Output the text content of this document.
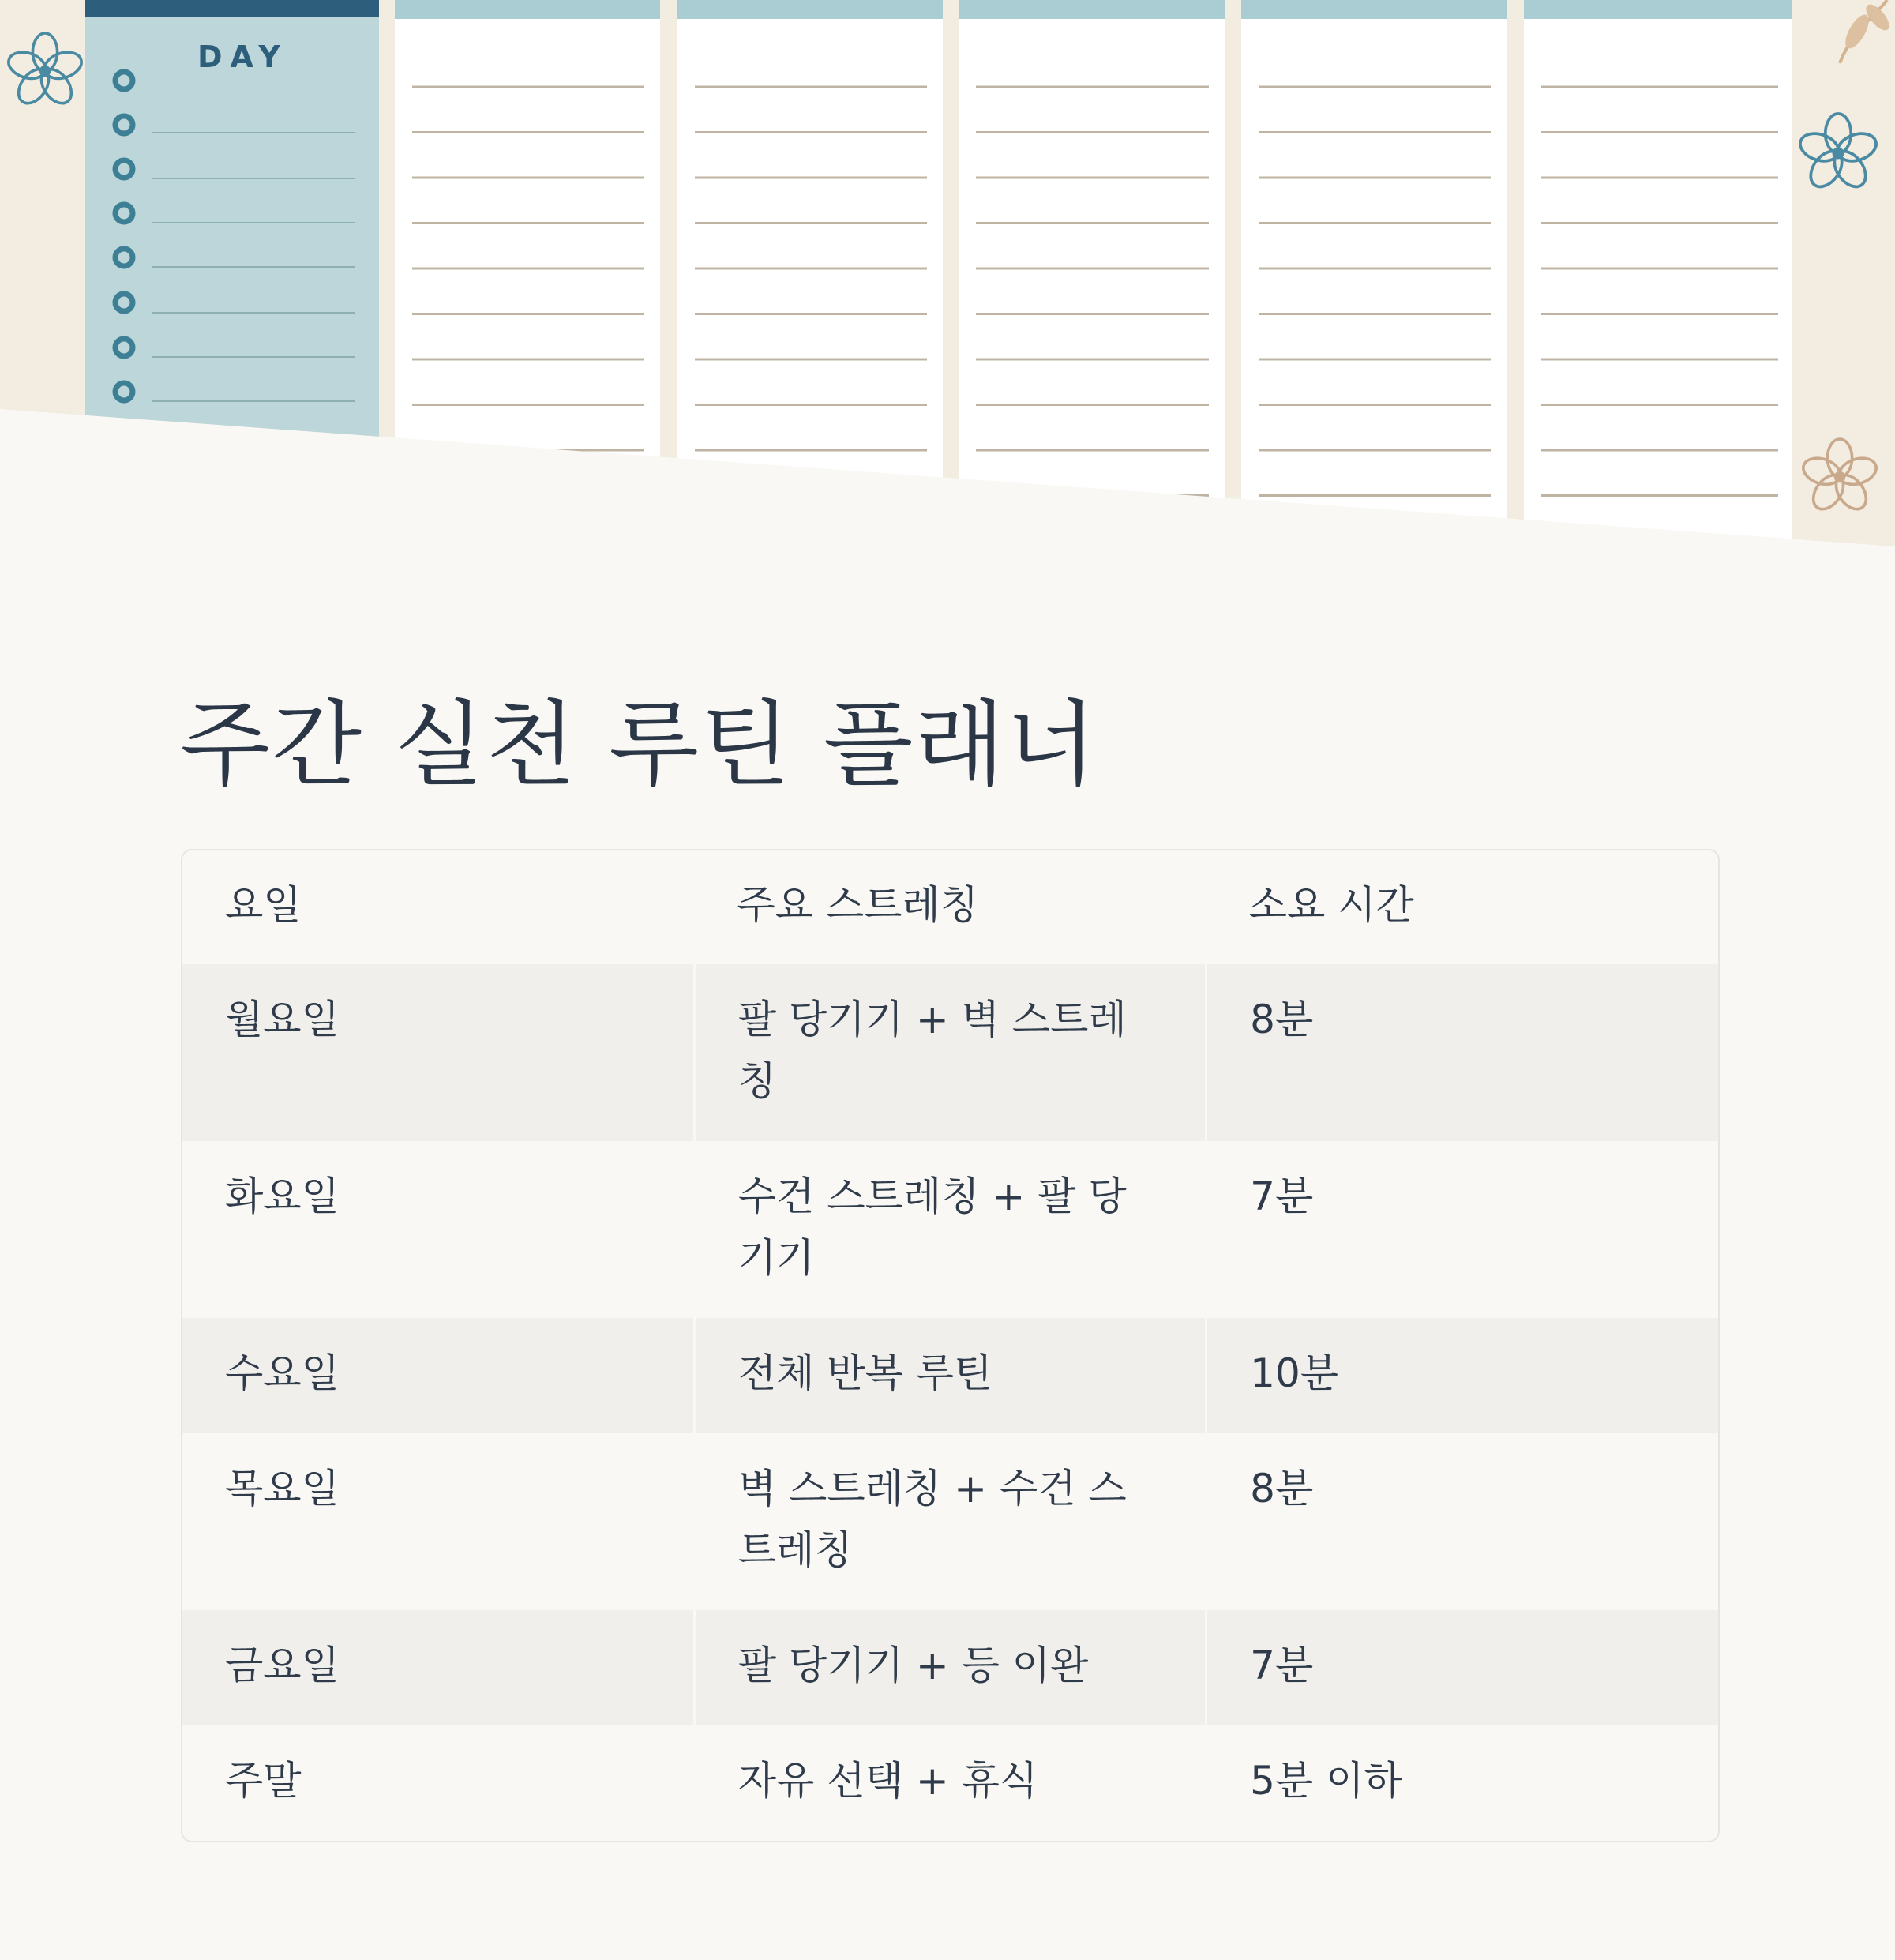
DAY
주간 실천 루틴 플래너
요일	주요 스트레칭	소요 시간
월요일	팔 당기기 + 벽 스트레칭	8분
화요일	수건 스트레칭 + 팔 당기기	7분
수요일	전체 반복 루틴	10분
목요일	벽 스트레칭 + 수건 스트레칭	8분
금요일	팔 당기기 + 등 이완	7분
주말	자유 선택 + 휴식	5분 이하
